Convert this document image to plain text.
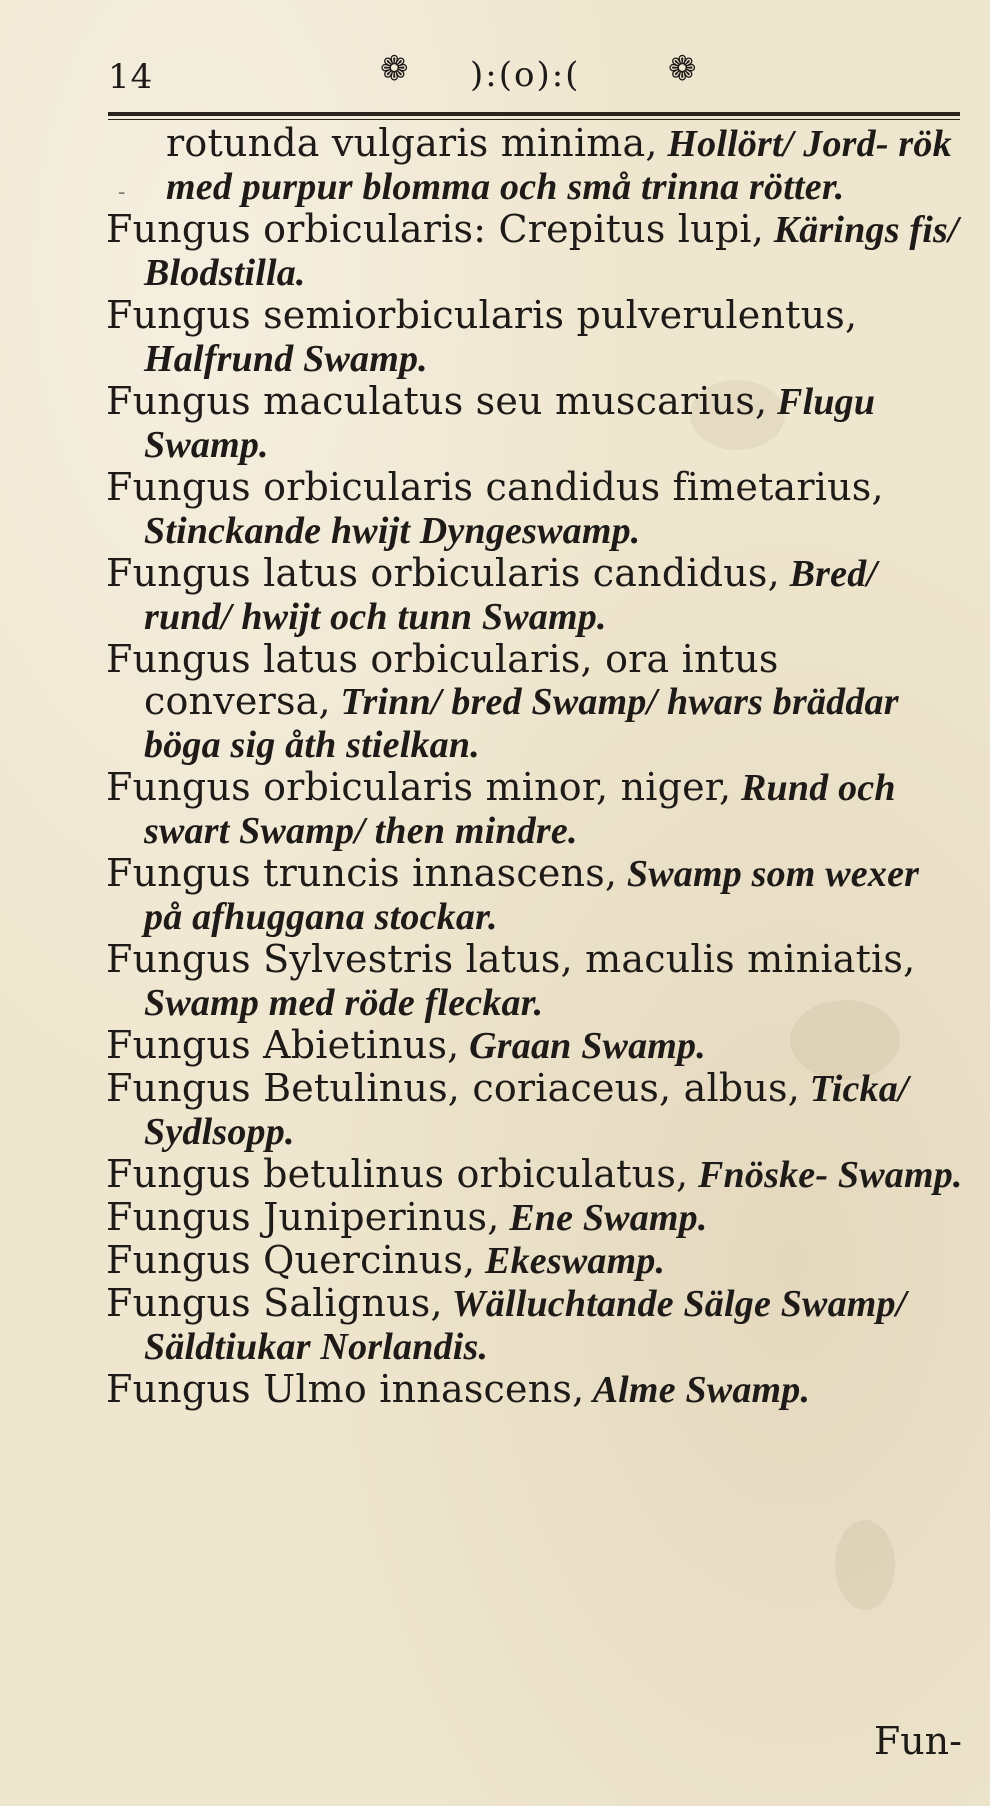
14	❁ ):(o):(	❁
-

rotunda vulgaris minima, Hollört/ Jord- rök med purpur blomma och små trinna rötter.

Fungus orbicularis: Crepitus lupi, Kärings fis/ Blodstilla.

Fungus semiorbicularis pulverulentus, Halfrund Swamp.

Fungus maculatus seu muscarius, Flugu Swamp.

Fungus orbicularis candidus fimetarius, Stinckande hwijt Dyngeswamp.

Fungus latus orbicularis candidus, Bred/ rund/ hwijt och tunn Swamp.

Fungus latus orbicularis, ora intus conversa, Trinn/ bred Swamp/ hwars bräddar böga sig åth stielkan.

Fungus orbicularis minor, niger, Rund och swart Swamp/ then mindre.

Fungus truncis innascens, Swamp som wexer på afhuggana stockar.

Fungus Sylvestris latus, maculis miniatis, Swamp med röde fleckar.

Fungus Abietinus, Graan Swamp.

Fungus Betulinus, coriaceus, albus, Ticka/ Sydlsopp.

Fungus betulinus orbiculatus, Fnöske- Swamp.

Fungus Juniperinus, Ene Swamp.

Fungus Quercinus, Ekeswamp.

Fungus Salignus, Wälluchtande Sälge Swamp/ Säldtiukar Norlandis.

Fungus Ulmo innascens, Alme Swamp.

Fun-
